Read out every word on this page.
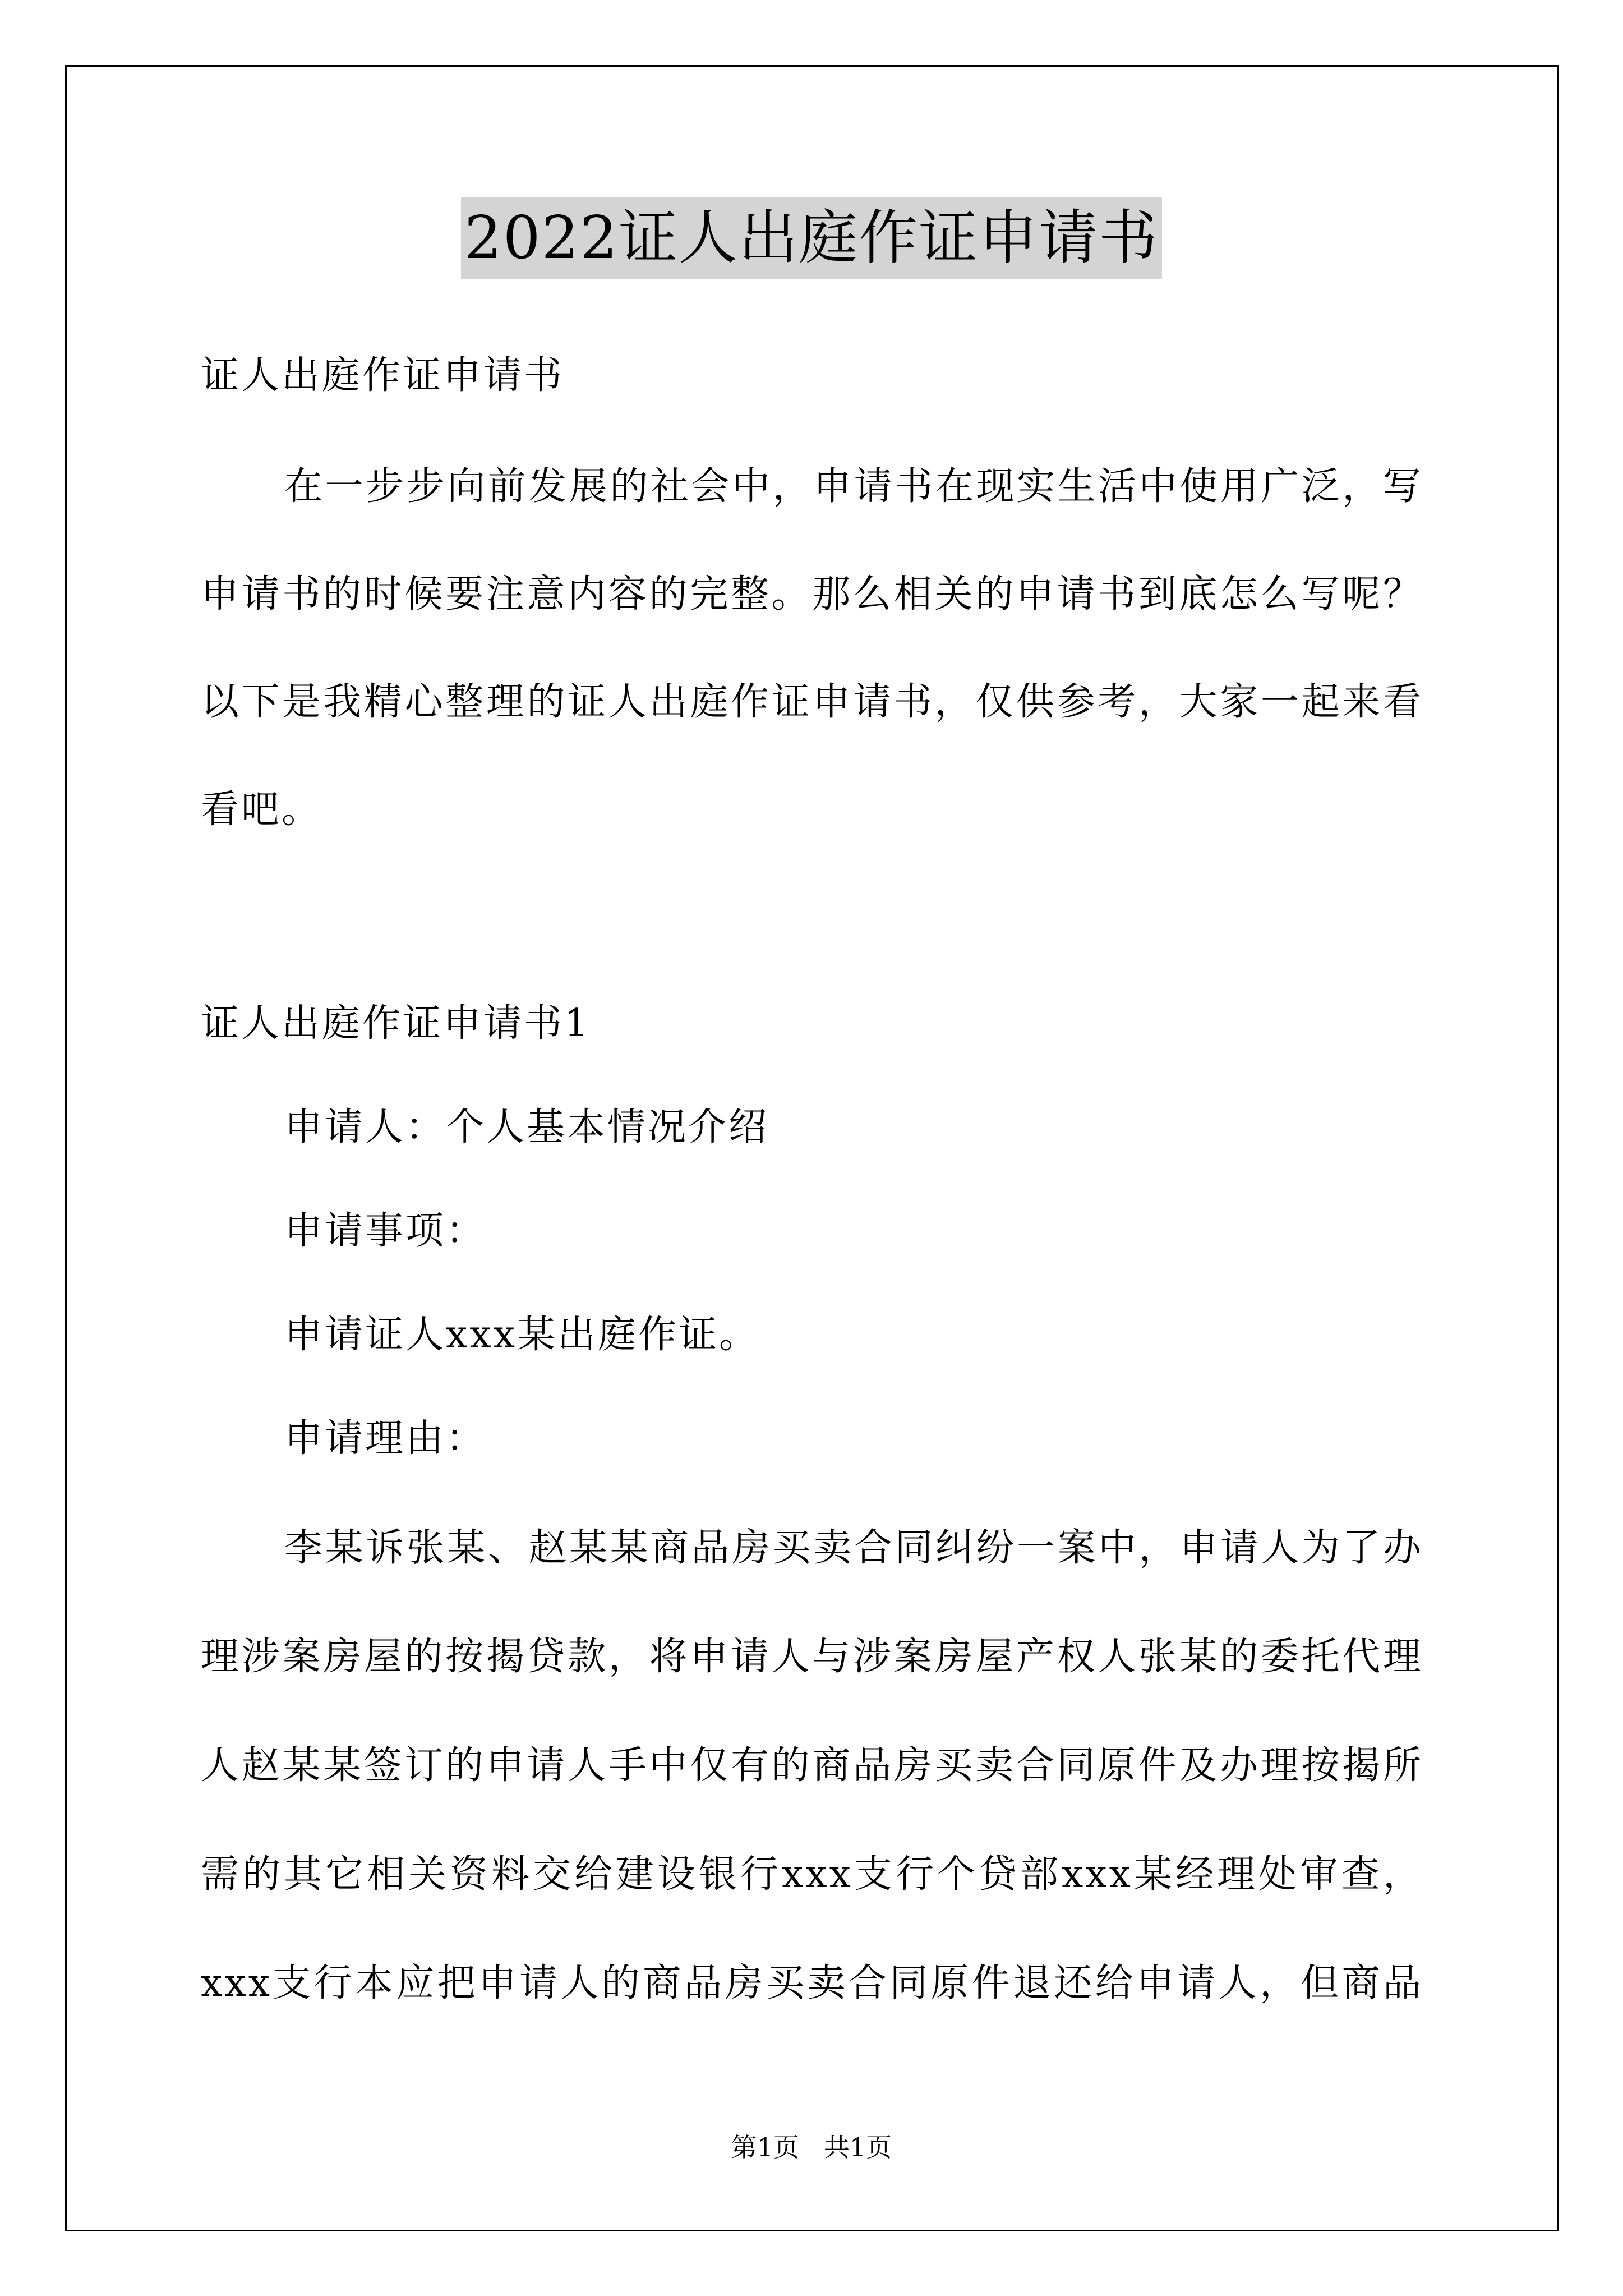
2022证人出庭作证申请书
证人出庭作证申请书
在一步步向前发展的社会中，申请书在现实生活中使用广泛，写
申请书的时候要注意内容的完整。那么相关的申请书到底怎么写呢？
以下是我精心整理的证人出庭作证申请书，仅供参考，大家一起来看
看吧。
证人出庭作证申请书1
申请人：个人基本情况介绍
申请事项：
申请证人xxx某出庭作证。
申请理由：
李某诉张某、赵某某商品房买卖合同纠纷一案中，申请人为了办
理涉案房屋的按揭贷款，将申请人与涉案房屋产权人张某的委托代理
人赵某某签订的申请人手中仅有的商品房买卖合同原件及办理按揭所
需的其它相关资料交给建设银行xxx支行个贷部xxx某经理处审查，
xxx支行本应把申请人的商品房买卖合同原件退还给申请人，但商品
第1页   共1页
